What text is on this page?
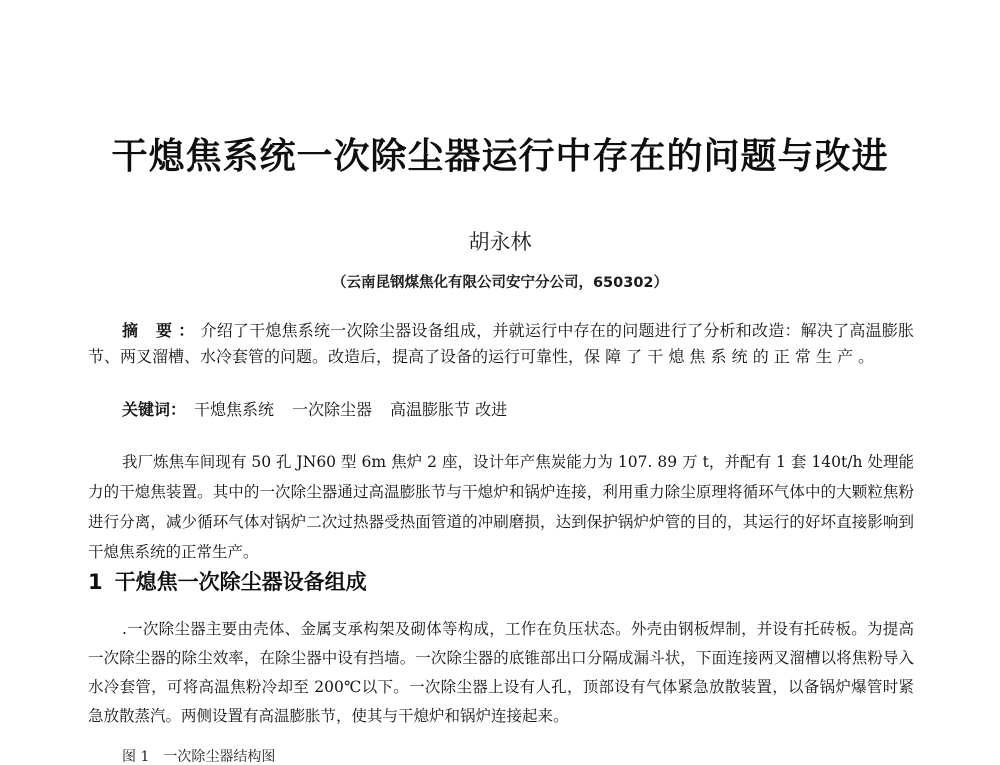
干熄焦系统一次除尘器运行中存在的问题与改进

胡永林

（云南昆钢煤焦化有限公司安宁分公司，650302）

摘 要：介绍了干熄焦系统一次除尘器设备组成，并就运行中存在的问题进行了分析和改造：解决了高温膨胀节、两叉溜槽、水冷套管的问题。改造后，提高了设备的运行可靠性，保 障 了 干 熄 焦 系 统 的 正 常 生 产 。

关键词： 干熄焦系统 一次除尘器 高温膨胀节 改进

我厂炼焦车间现有 50 孔 JN60 型 6m 焦炉 2 座，设计年产焦炭能力为 107. 89 万 t，并配有 1 套 140t/h 处理能力的干熄焦装置。其中的一次除尘器通过高温膨胀节与干熄炉和锅炉连接，利用重力除尘原理将循环气体中的大颗粒焦粉进行分离，减少循环气体对锅炉二次过热器受热面管道的冲刷磨损，达到保护锅炉炉管的目的，其运行的好坏直接影响到干熄焦系统的正常生产。

1 干熄焦一次除尘器设备组成

.一次除尘器主要由壳体、金属支承构架及砌体等构成，工作在负压状态。外壳由钢板焊制，并设有托砖板。为提高一次除尘器的除尘效率，在除尘器中设有挡墙。一次除尘器的底锥部出口分隔成漏斗状，下面连接两叉溜槽以将焦粉导入水冷套管，可将高温焦粉冷却至 200℃以下。一次除尘器上设有人孔，顶部设有气体紧急放散装置，以备锅炉爆管时紧急放散蒸汽。两侧设置有高温膨胀节，使其与干熄炉和锅炉连接起来。

图 1　一次除尘器结构图
